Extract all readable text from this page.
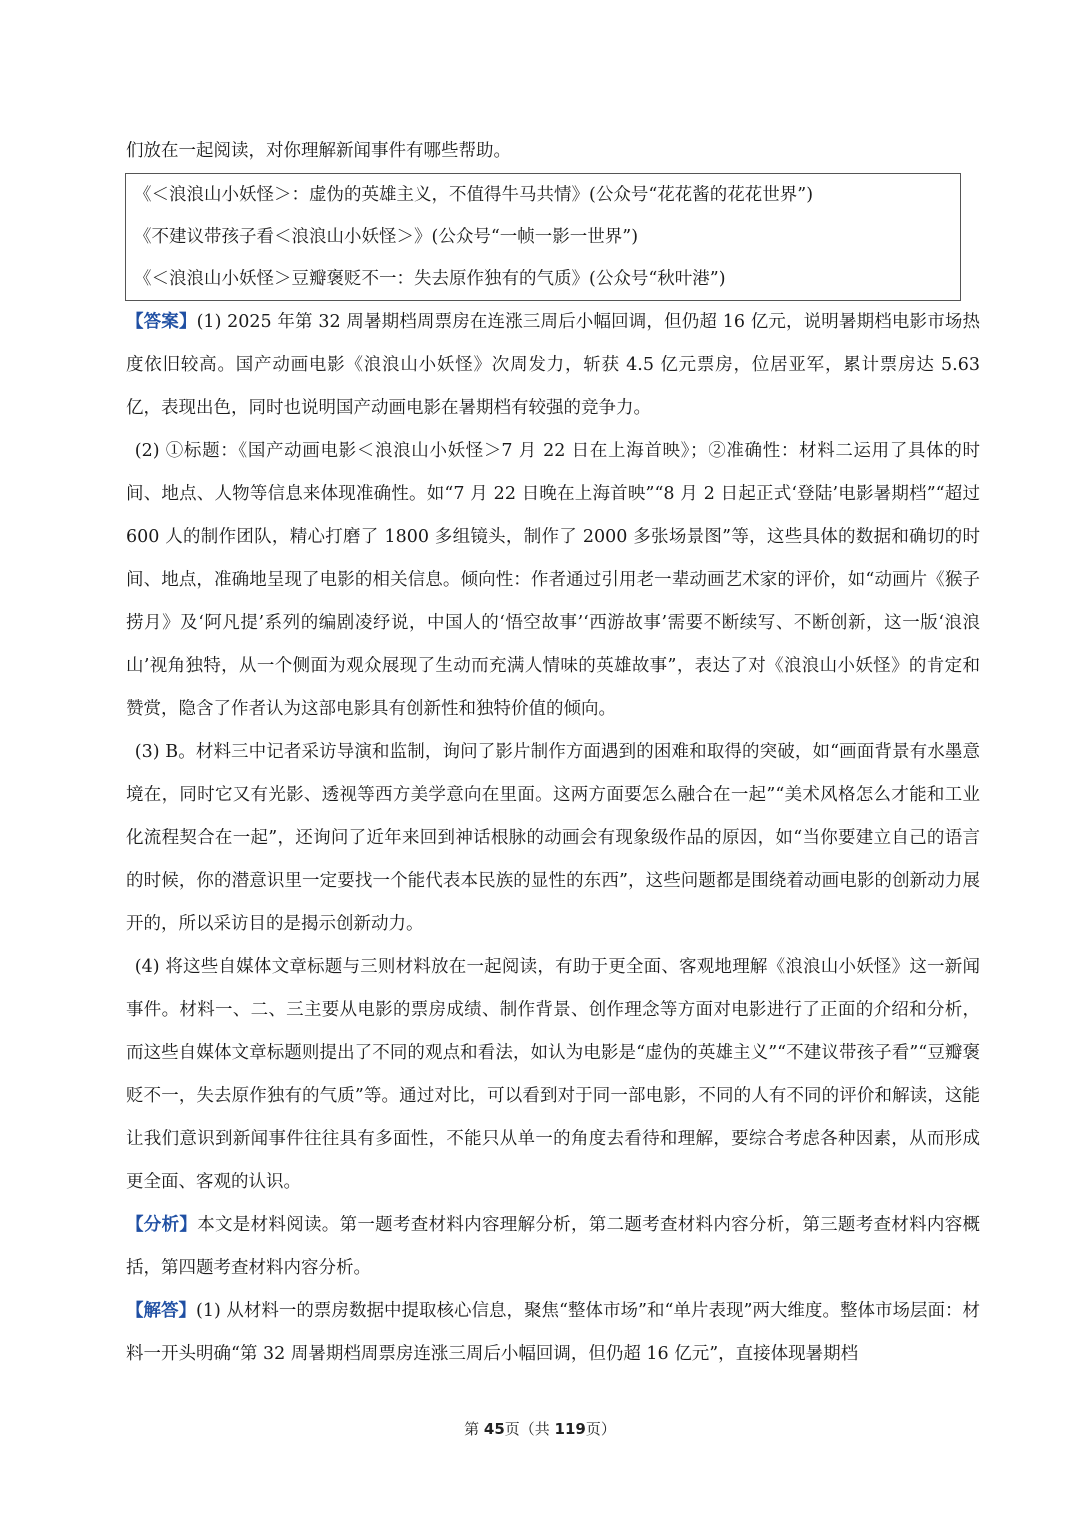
们放在一起阅读，对你理解新闻事件有哪些帮助。

《＜浪浪山小妖怪＞：虚伪的英雄主义，不值得牛马共情》(公众号“花花酱的花花世界”)

《不建议带孩子看＜浪浪山小妖怪＞》(公众号“一帧一影一世界”)

《＜浪浪山小妖怪＞豆瓣褒贬不一：失去原作独有的气质》(公众号“秋叶港”)

【答案】(1) 2025 年第 32 周暑期档周票房在连涨三周后小幅回调，但仍超 16 亿元，说明暑期档电影市场热度依旧较高。国产动画电影《浪浪山小妖怪》次周发力，斩获 4.5 亿元票房，位居亚军，累计票房达 5.63 亿，表现出色，同时也说明国产动画电影在暑期档有较强的竞争力。

(2) ①标题：《国产动画电影＜浪浪山小妖怪＞7 月 22 日在上海首映》；②准确性：材料二运用了具体的时间、地点、人物等信息来体现准确性。如“7 月 22 日晚在上海首映”“8 月 2 日起正式‘登陆’电影暑期档”“超过 600 人的制作团队，精心打磨了 1800 多组镜头，制作了 2000 多张场景图”等，这些具体的数据和确切的时间、地点，准确地呈现了电影的相关信息。倾向性：作者通过引用老一辈动画艺术家的评价，如“动画片《猴子捞月》及‘阿凡提’系列的编剧凌纾说，中国人的‘悟空故事’‘西游故事’需要不断续写、不断创新，这一版‘浪浪山’视角独特，从一个侧面为观众展现了生动而充满人情味的英雄故事”，表达了对《浪浪山小妖怪》的肯定和赞赏，隐含了作者认为这部电影具有创新性和独特价值的倾向。

(3) B。材料三中记者采访导演和监制，询问了影片制作方面遇到的困难和取得的突破，如“画面背景有水墨意境在，同时它又有光影、透视等西方美学意向在里面。这两方面要怎么融合在一起”“美术风格怎么才能和工业化流程契合在一起”，还询问了近年来回到神话根脉的动画会有现象级作品的原因，如“当你要建立自己的语言的时候，你的潜意识里一定要找一个能代表本民族的显性的东西”，这些问题都是围绕着动画电影的创新动力展开的，所以采访目的是揭示创新动力。

(4) 将这些自媒体文章标题与三则材料放在一起阅读，有助于更全面、客观地理解《浪浪山小妖怪》这一新闻事件。材料一、二、三主要从电影的票房成绩、制作背景、创作理念等方面对电影进行了正面的介绍和分析，而这些自媒体文章标题则提出了不同的观点和看法，如认为电影是“虚伪的英雄主义”“不建议带孩子看”“豆瓣褒贬不一，失去原作独有的气质”等。通过对比，可以看到对于同一部电影，不同的人有不同的评价和解读，这能让我们意识到新闻事件往往具有多面性，不能只从单一的角度去看待和理解，要综合考虑各种因素，从而形成更全面、客观的认识。

【分析】本文是材料阅读。第一题考查材料内容理解分析，第二题考查材料内容分析，第三题考查材料内容概括，第四题考查材料内容分析。

【解答】(1) 从材料一的票房数据中提取核心信息，聚焦“整体市场”和“单片表现”两大维度。整体市场层面：材料一开头明确“第 32 周暑期档周票房连涨三周后小幅回调，但仍超 16 亿元”，直接体现暑期档

第 45页（共 119页）
